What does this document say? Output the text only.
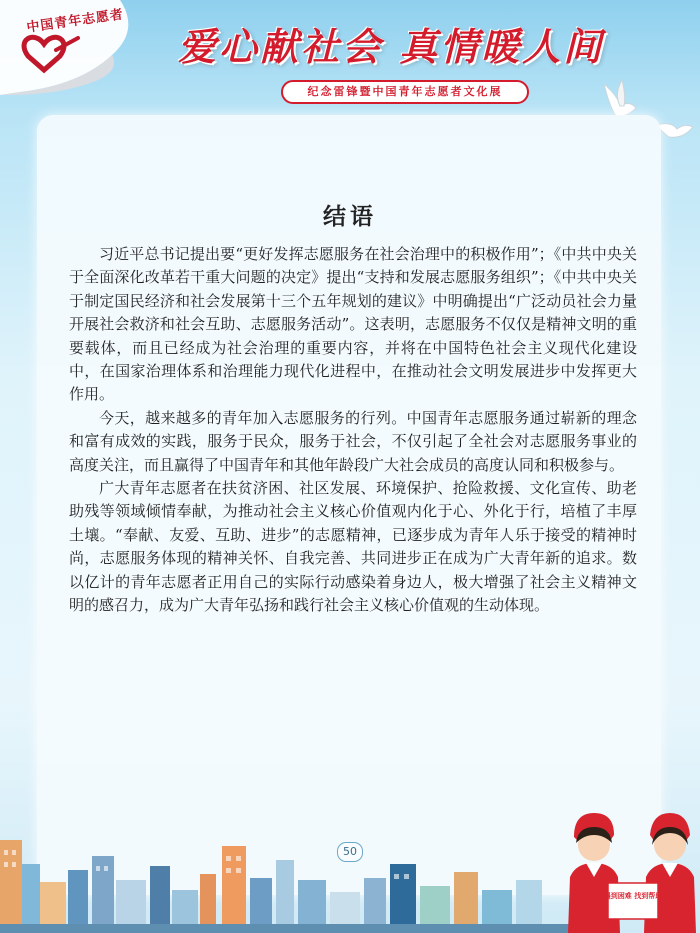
中国青年志愿者
爱心献社会 真情暖人间
纪念雷锋暨中国青年志愿者文化展
结语

习近平总书记提出要“更好发挥志愿服务在社会治理中的积极作用”；《中共中央关于全面深化改革若干重大问题的决定》提出“支持和发展志愿服务组织”；《中共中央关于制定国民经济和社会发展第十三个五年规划的建议》中明确提出“广泛动员社会力量开展社会救济和社会互助、志愿服务活动”。这表明，志愿服务不仅仅是精神文明的重要载体，而且已经成为社会治理的重要内容，并将在中国特色社会主义现代化建设中，在国家治理体系和治理能力现代化进程中，在推动社会文明发展进步中发挥更大作用。

今天，越来越多的青年加入志愿服务的行列。中国青年志愿服务通过崭新的理念和富有成效的实践，服务于民众，服务于社会，不仅引起了全社会对志愿服务事业的高度关注，而且赢得了中国青年和其他年龄段广大社会成员的高度认同和积极参与。

广大青年志愿者在扶贫济困、社区发展、环境保护、抢险救援、文化宣传、助老助残等领域倾情奉献，为推动社会主义核心价值观内化于心、外化于行，培植了丰厚土壤。“奉献、友爱、互助、进步”的志愿精神，已逐步成为青年人乐于接受的精神时尚，志愿服务体现的精神关怀、自我完善、共同进步正在成为广大青年新的追求。数以亿计的青年志愿者正用自己的实际行动感染着身边人，极大增强了社会主义精神文明的感召力，成为广大青年弘扬和践行社会主义核心价值观的生动体现。

遇到困难 找到帮助
50
